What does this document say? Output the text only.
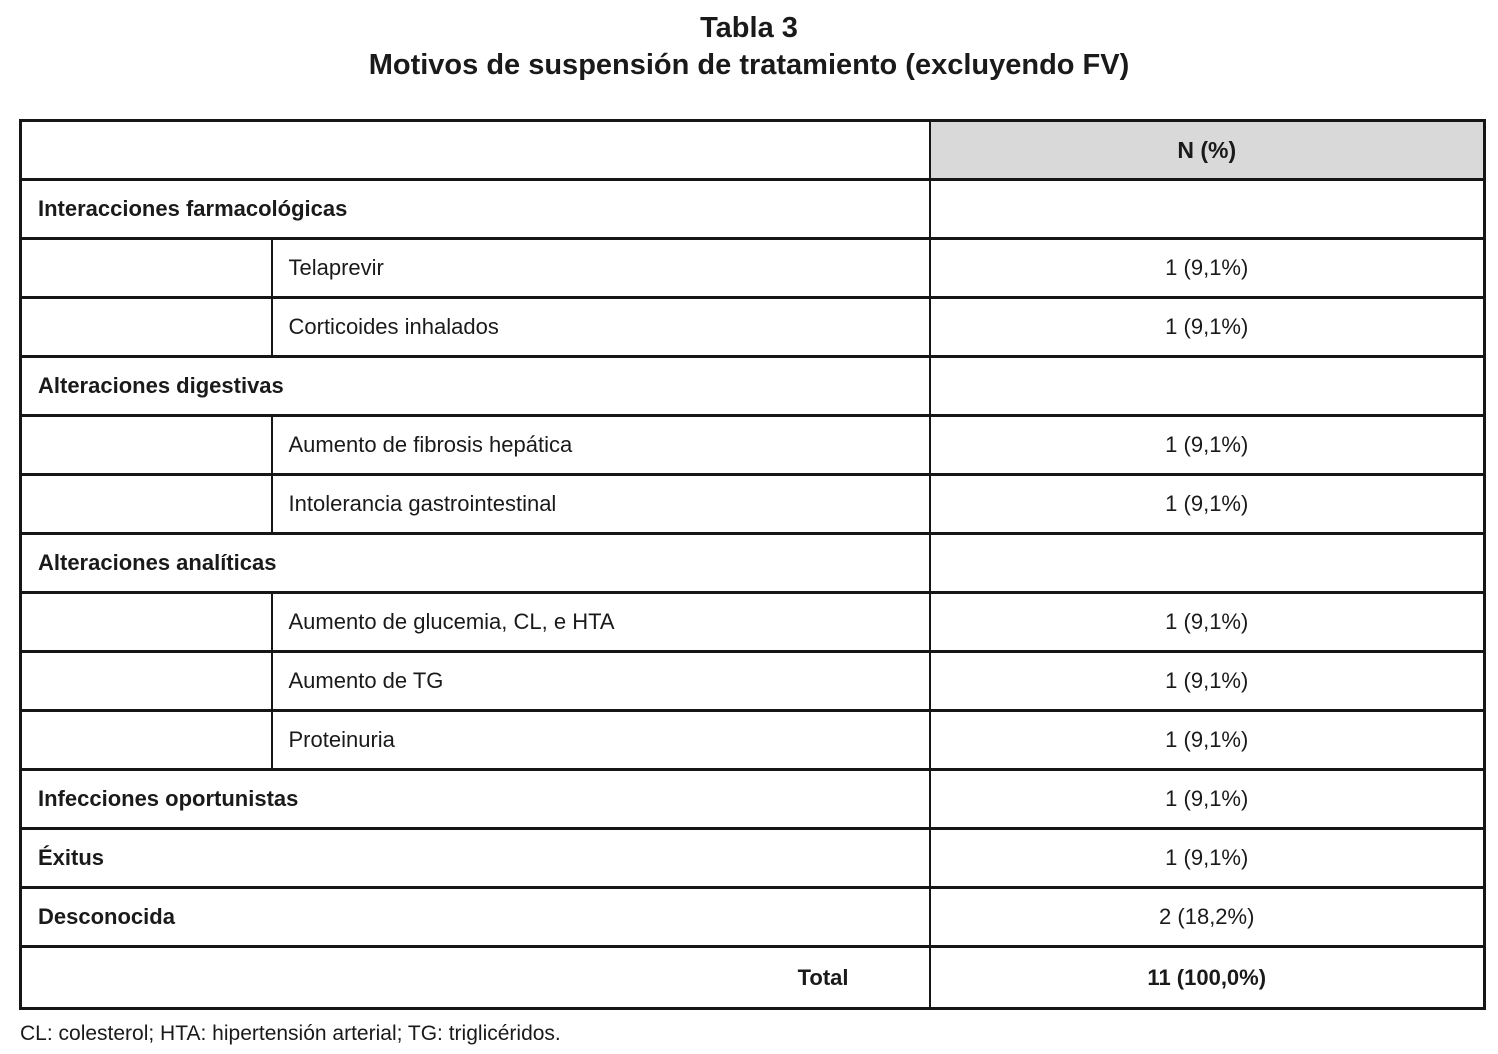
Tabla 3
Motivos de suspensión de tratamiento (excluyendo FV)
		N (%)
Interacciones farmacológicas		
	Telaprevir	1 (9,1%)
	Corticoides inhalados	1 (9,1%)
Alteraciones digestivas		
	Aumento de fibrosis hepática	1 (9,1%)
	Intolerancia gastrointestinal	1 (9,1%)
Alteraciones analíticas		
	Aumento de glucemia, CL, e HTA	1 (9,1%)
	Aumento de TG	1 (9,1%)
	Proteinuria	1 (9,1%)
Infecciones oportunistas		1 (9,1%)
Éxitus		1 (9,1%)
Desconocida		2 (18,2%)
Total		11 (100,0%)
CL: colesterol; HTA: hipertensión arterial; TG: triglicéridos.
